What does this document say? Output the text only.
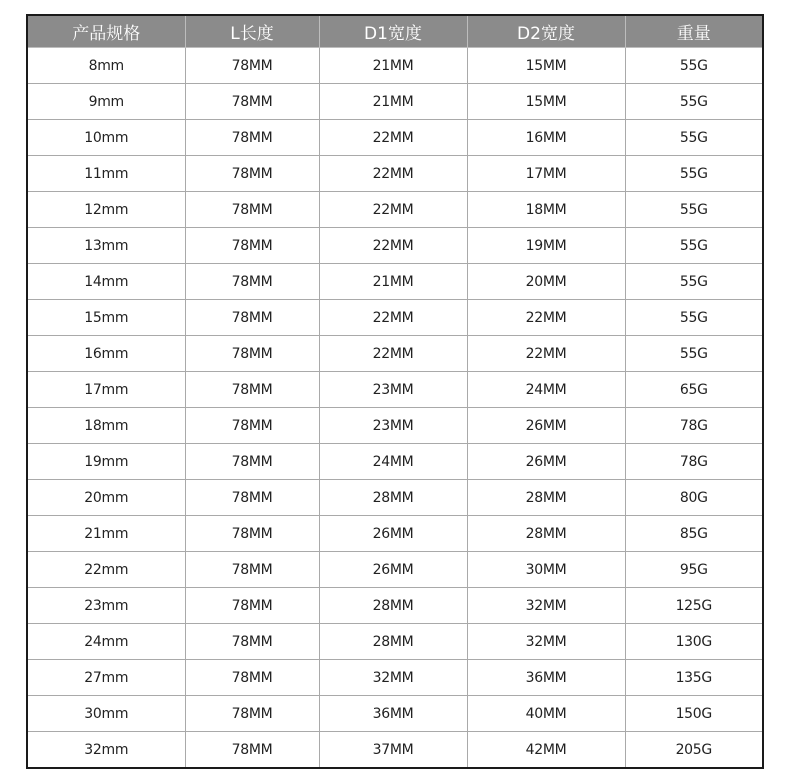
产品规格	L长度	D1宽度	D2宽度	重量
8mm	78MM	21MM	15MM	55G
9mm	78MM	21MM	15MM	55G
10mm	78MM	22MM	16MM	55G
11mm	78MM	22MM	17MM	55G
12mm	78MM	22MM	18MM	55G
13mm	78MM	22MM	19MM	55G
14mm	78MM	21MM	20MM	55G
15mm	78MM	22MM	22MM	55G
16mm	78MM	22MM	22MM	55G
17mm	78MM	23MM	24MM	65G
18mm	78MM	23MM	26MM	78G
19mm	78MM	24MM	26MM	78G
20mm	78MM	28MM	28MM	80G
21mm	78MM	26MM	28MM	85G
22mm	78MM	26MM	30MM	95G
23mm	78MM	28MM	32MM	125G
24mm	78MM	28MM	32MM	130G
27mm	78MM	32MM	36MM	135G
30mm	78MM	36MM	40MM	150G
32mm	78MM	37MM	42MM	205G
